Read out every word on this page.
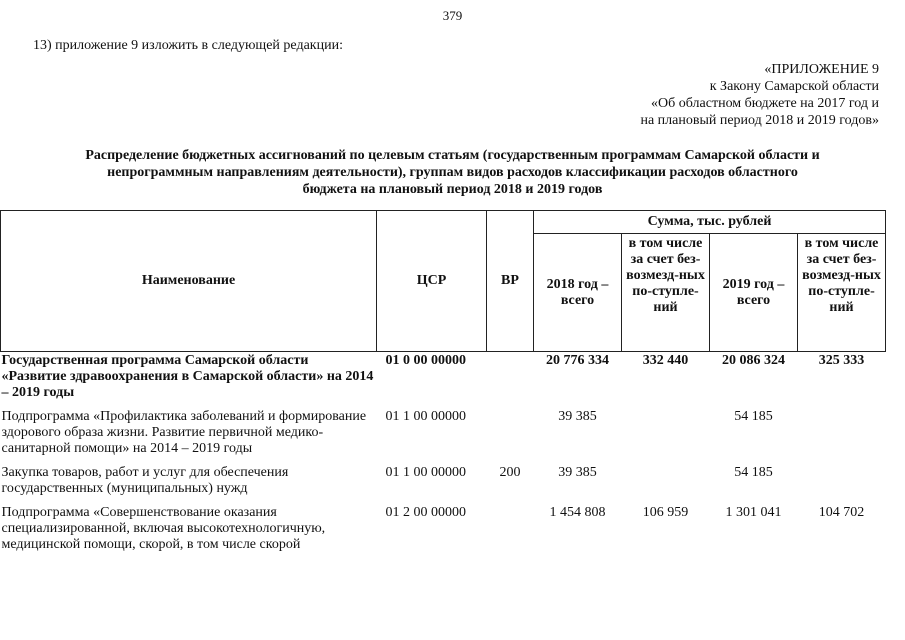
379
13) приложение 9 изложить в следующей редакции:
«ПРИЛОЖЕНИЕ 9
к Закону Самарской области
«Об областном бюджете на 2017 год и
на плановый период 2018 и 2019 годов»
Распределение бюджетных ассигнований по целевым статьям (государственным программам Самарской области и
непрограммным направлениям деятельности), группам видов расходов классификации расходов областного
бюджета на плановый период 2018 и 2019 годов
Наименование	ЦСР	ВР	Сумма, тыс. рублей			
			2018 год – всего	в том числе за счет без-возмезд-ных по-ступле-ний	2019 год – всего	в том числе за счет без-возмезд-ных по-ступле-ний
Государственная программа Самарской области «Развитие здравоохранения в Самарской области» на 2014 – 2019 годы	01 0 00 00000		20 776 334	332 440	20 086 324	325 333

Подпрограмма «Профилактика заболеваний и формирование здорового образа жизни. Развитие первичной медико-санитарной помощи» на 2014 – 2019 годы	01 1 00 00000		39 385		54 185	

Закупка товаров, работ и услуг для обеспечения государственных (муниципальных) нужд	01 1 00 00000	200	39 385		54 185	

Подпрограмма «Совершенствование оказания специализированной, включая высокотехнологичную, медицинской помощи, скорой, в том числе скорой	01 2 00 00000		1 454 808	106 959	1 301 041	104 702
